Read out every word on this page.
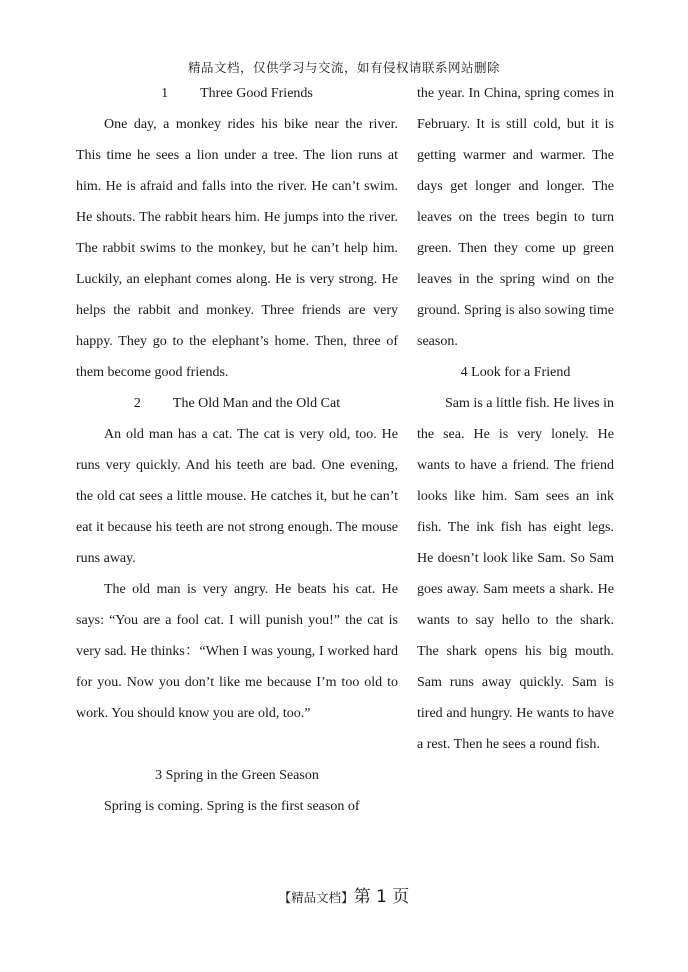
精品文档，仅供学习与交流，如有侵权请联系网站删除

1 Three Good Friends

One day, a monkey rides his bike near the river. This time he sees a lion under a tree. The lion runs at him. He is afraid and falls into the river. He can’t swim. He shouts. The rabbit hears him. He jumps into the river. The rabbit swims to the monkey, but he can’t help him. Luckily, an elephant comes along. He is very strong. He helps the rabbit and monkey. Three friends are very happy. They go to the elephant’s home. Then, three of them become good friends.

2 The Old Man and the Old Cat

An old man has a cat. The cat is very old, too. He runs very quickly. And his teeth are bad. One evening, the old cat sees a little mouse. He catches it, but he can’t eat it because his teeth are not strong enough. The mouse runs away.

The old man is very angry. He beats his cat. He says: “You are a fool cat. I will punish you!” the cat is very sad. He thinks：“When I was young, I worked hard for you. Now you don’t like me because I’m too old to work. You should know you are old, too.”

3 Spring in the Green Season

Spring is coming. Spring is the first season of

the year. In China, spring comes in February. It is still cold, but it is getting warmer and warmer. The days get longer and longer. The leaves on the trees begin to turn green. Then they come up green leaves in the spring wind on the ground. Spring is also sowing time season.

4 Look for a Friend

Sam is a little fish. He lives in the sea. He is very lonely. He wants to have a friend. The friend looks like him. Sam sees an ink fish. The ink fish has eight legs. He doesn’t look like Sam. So Sam goes away. Sam meets a shark. He wants to say hello to the shark. The shark opens his big mouth. Sam runs away quickly. Sam is tired and hungry. He wants to have a rest. Then he sees a round fish.

【精品文档】第 1 页
